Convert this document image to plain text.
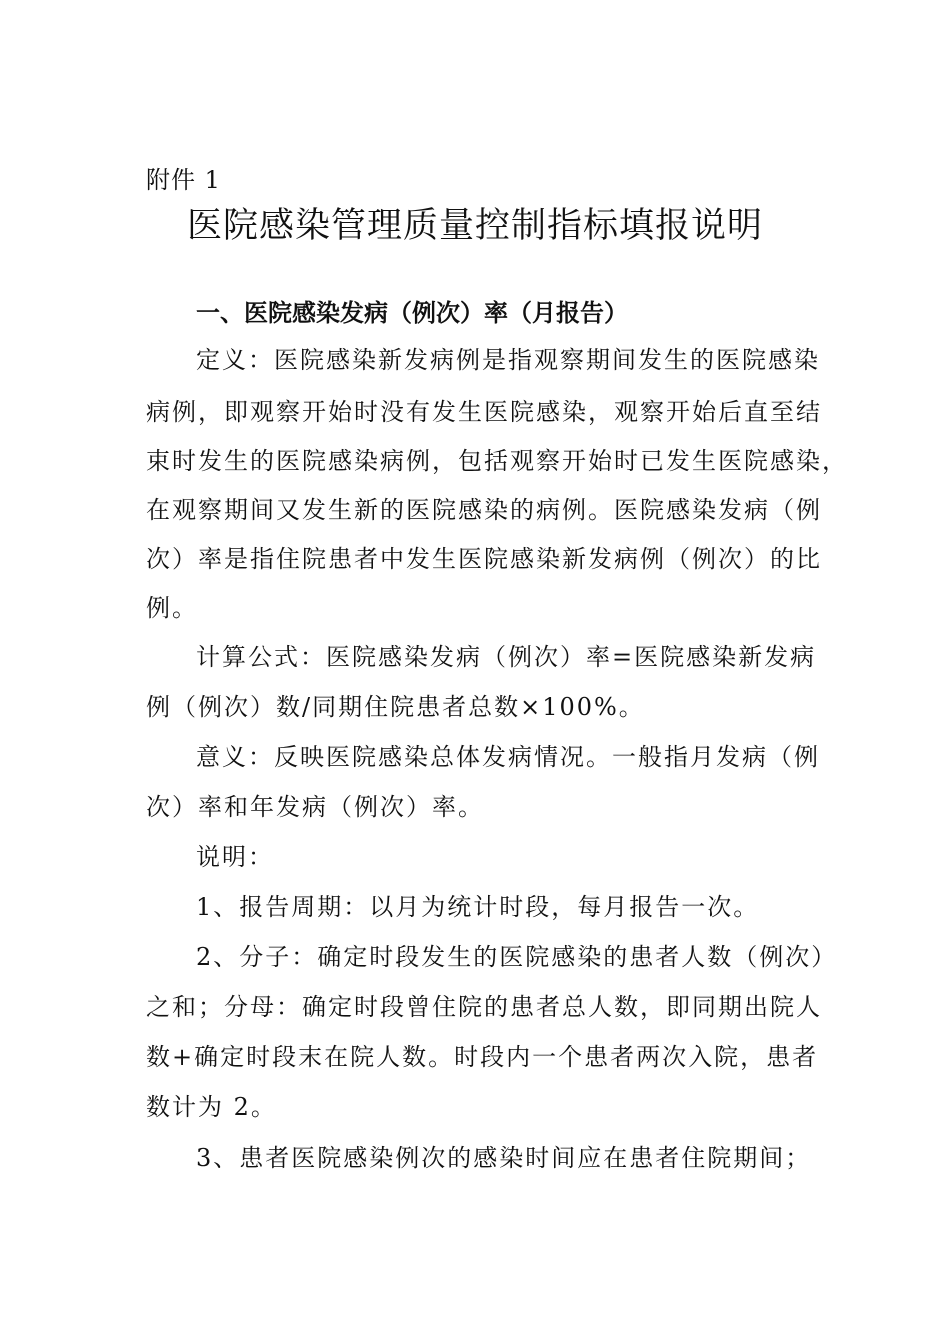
附件 1
医院感染管理质量控制指标填报说明
一、医院感染发病（例次）率（月报告）
定义：医院感染新发病例是指观察期间发生的医院感染
病例，即观察开始时没有发生医院感染，观察开始后直至结
束时发生的医院感染病例，包括观察开始时已发生医院感染，
在观察期间又发生新的医院感染的病例。医院感染发病（例
次）率是指住院患者中发生医院感染新发病例（例次）的比
例。
计算公式：医院感染发病（例次）率=医院感染新发病
例（例次）数/同期住院患者总数×100%。
意义：反映医院感染总体发病情况。一般指月发病（例
次）率和年发病（例次）率。
说明：
1、报告周期：以月为统计时段，每月报告一次。
2、分子：确定时段发生的医院感染的患者人数（例次）
之和；分母：确定时段曾住院的患者总人数，即同期出院人
数+确定时段末在院人数。时段内一个患者两次入院，患者
数计为 2。
3、患者医院感染例次的感染时间应在患者住院期间；
